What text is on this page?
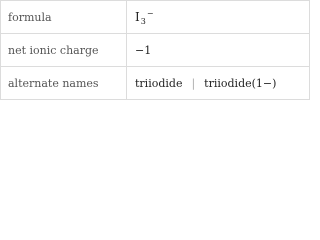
formula	$I_3^-$
net ionic charge	−1
alternate names	triiodide | triiodide(1−)
